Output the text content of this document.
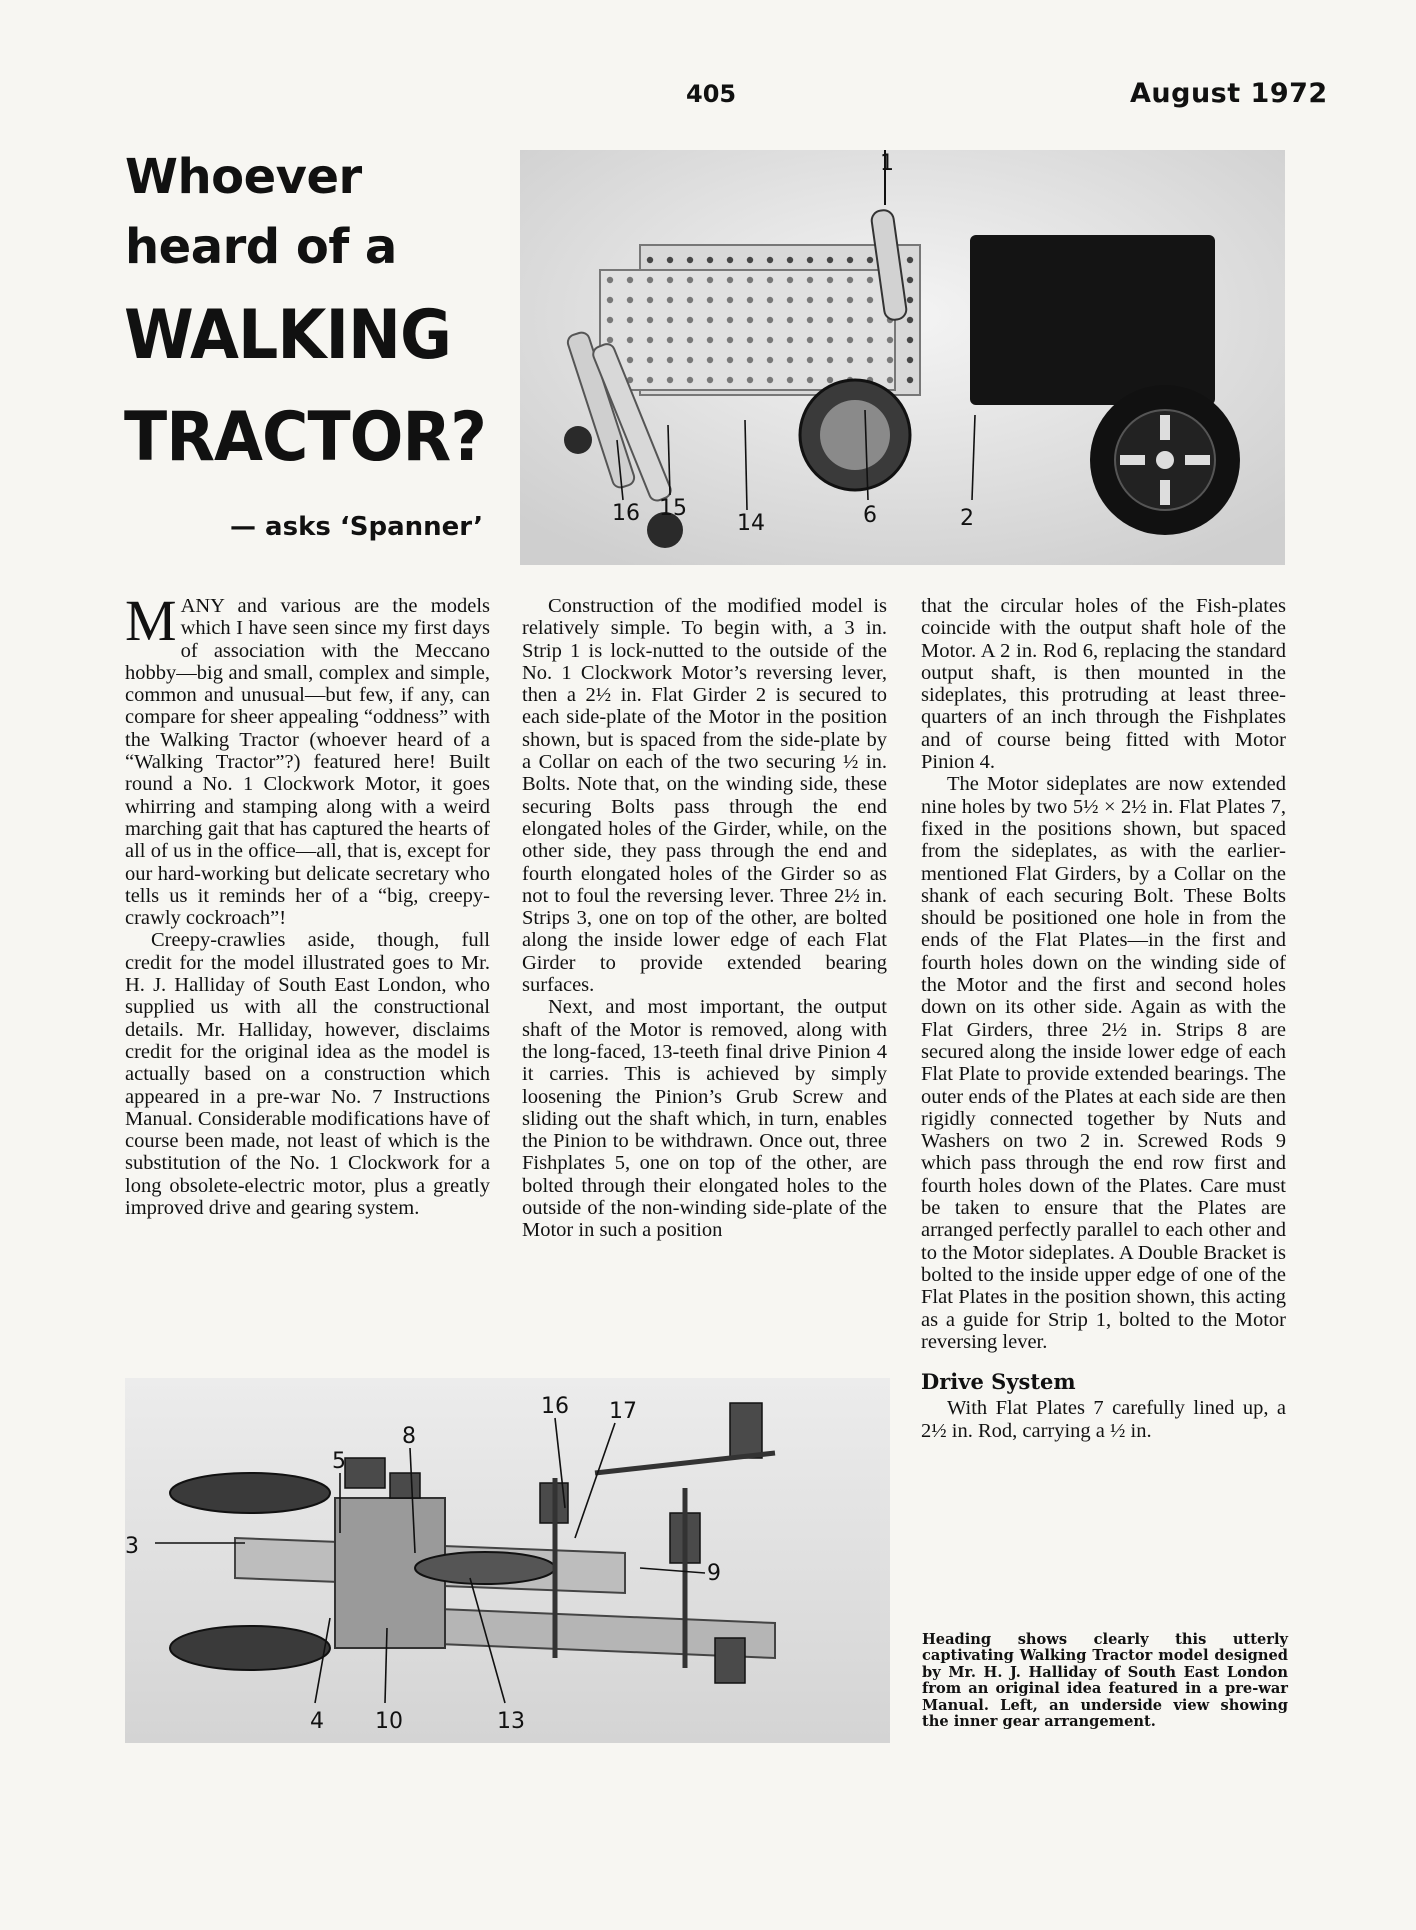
405	August 1972
Whoever heard of a
WALKING TRACTOR?
— asks ‘Spanner’
1
16 15
14	6	2

MANY and various are the models which I have seen since my first days of association with the Meccano hobby—big and small, complex and simple, common and unusual—but few, if any, can compare for sheer appealing “oddness” with the Walking Tractor (whoever heard of a “Walking Tractor”?) featured here! Built round a No. 1 Clockwork Motor, it goes whirring and stamping along with a weird marching gait that has captured the hearts of all of us in the office—all, that is, except for our hard-working but delicate secretary who tells us it reminds her of a “big, creepy-crawly cockroach”!

Creepy-crawlies aside, though, full credit for the model illustrated goes to Mr. H. J. Halliday of South East London, who supplied us with all the constructional details. Mr. Halliday, however, disclaims credit for the original idea as the model is actually based on a construction which appeared in a pre-war No. 7 Instructions Manual. Considerable modifications have of course been made, not least of which is the substitution of the No. 1 Clockwork for a long obsolete-electric motor, plus a greatly improved drive and gearing system.

Construction of the modified model is relatively simple. To begin with, a 3 in. Strip 1 is lock-nutted to the outside of the No. 1 Clockwork Motor’s reversing lever, then a 2½ in. Flat Girder 2 is secured to each side-plate of the Motor in the position shown, but is spaced from the side-plate by a Collar on each of the two securing ½ in. Bolts. Note that, on the winding side, these securing Bolts pass through the end elongated holes of the Girder, while, on the other side, they pass through the end and fourth elongated holes of the Girder so as not to foul the reversing lever. Three 2½ in. Strips 3, one on top of the other, are bolted along the inside lower edge of each Flat Girder to provide extended bearing surfaces.

Next, and most important, the output shaft of the Motor is removed, along with the long-faced, 13-teeth final drive Pinion 4 it carries. This is achieved by simply loosening the Pinion’s Grub Screw and sliding out the shaft which, in turn, enables the Pinion to be withdrawn. Once out, three Fishplates 5, one on top of the other, are bolted through their elongated holes to the outside of the non-winding side-plate of the Motor in such a position

that the circular holes of the Fish-plates coincide with the output shaft hole of the Motor. A 2 in. Rod 6, replacing the standard output shaft, is then mounted in the sideplates, this protruding at least three-quarters of an inch through the Fishplates and of course being fitted with Motor Pinion 4.

The Motor sideplates are now extended nine holes by two 5½ × 2½ in. Flat Plates 7, fixed in the positions shown, but spaced from the sideplates, as with the earlier-mentioned Flat Girders, by a Collar on the shank of each securing Bolt. These Bolts should be positioned one hole in from the ends of the Flat Plates—in the first and fourth holes down on the winding side of the Motor and the first and second holes down on its other side. Again as with the Flat Girders, three 2½ in. Strips 8 are secured along the inside lower edge of each Flat Plate to provide extended bearings. The outer ends of the Plates at each side are then rigidly connected together by Nuts and Washers on two 2 in. Screwed Rods 9 which pass through the end row first and fourth holes down of the Plates. Care must be taken to ensure that the Plates are arranged perfectly parallel to each other and to the Motor sideplates. A Double Bracket is bolted to the inside upper edge of one of the Flat Plates in the position shown, this acting as a guide for Strip 1, bolted to the Motor reversing lever.

Drive System

With Flat Plates 7 carefully lined up, a 2½ in. Rod, carrying a ½ in.

5
8
16 17
3
9
4 10	13
Heading shows clearly this utterly captivating Walking Tractor model designed by Mr. H. J. Halliday of South East London from an original idea featured in a pre-war Manual. Left, an underside view showing the inner gear arrangement.
